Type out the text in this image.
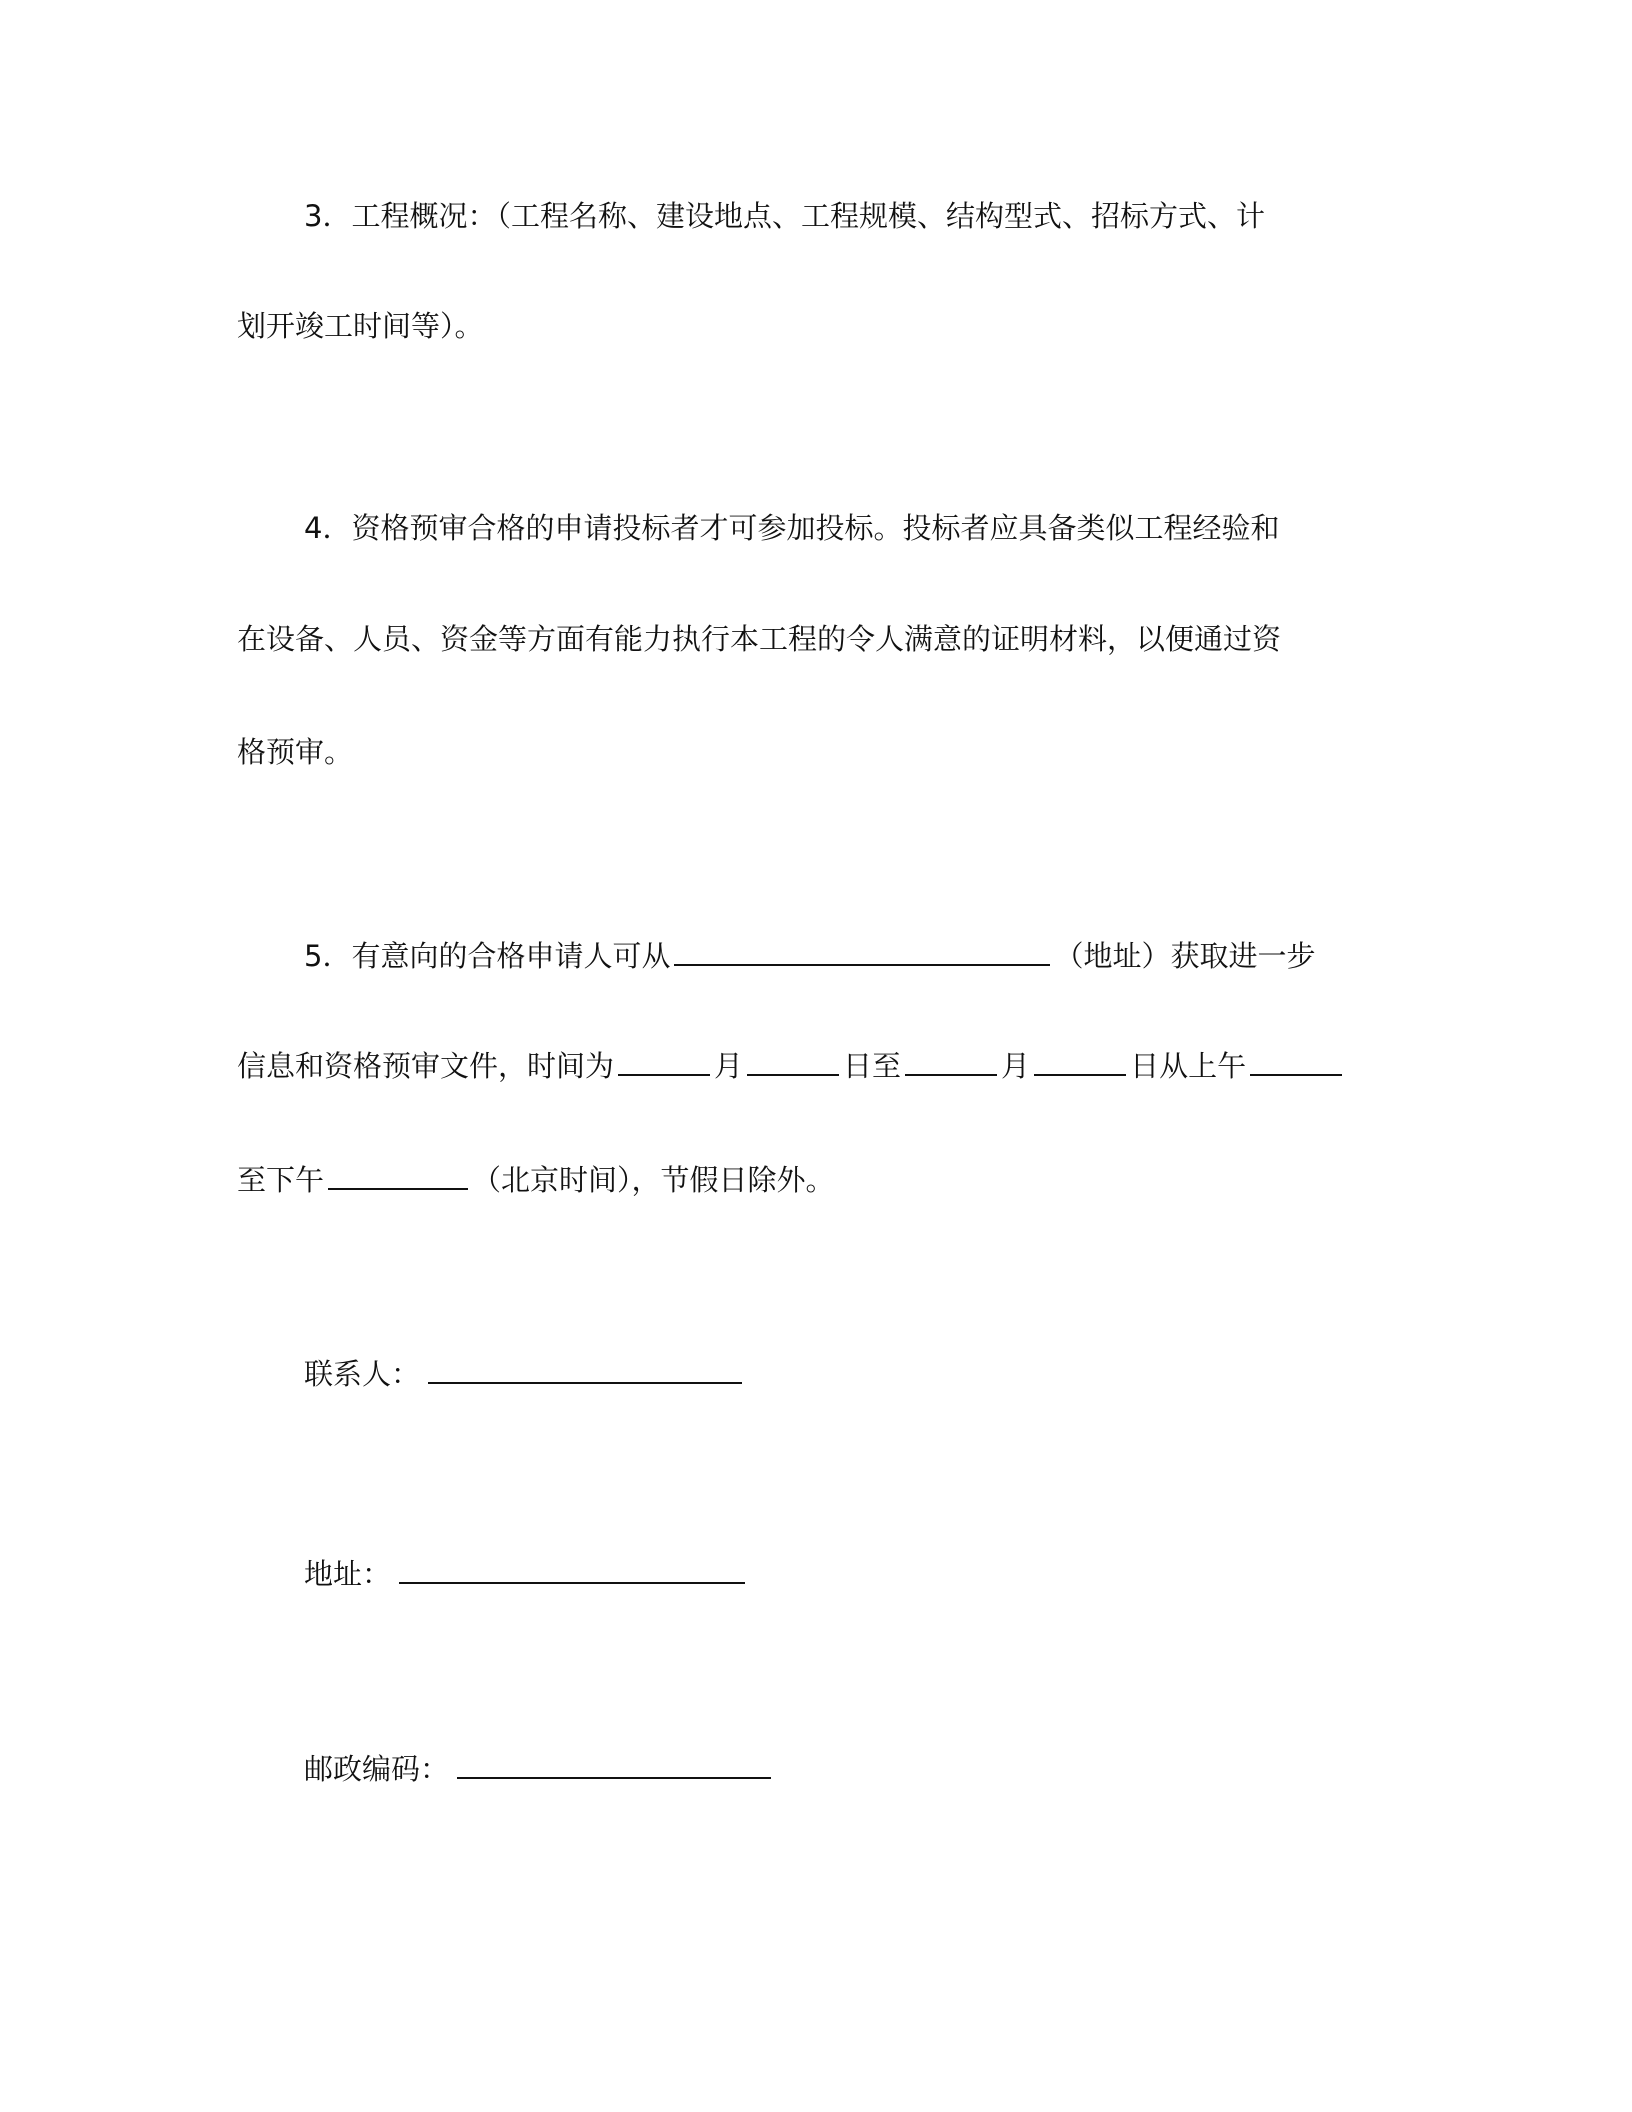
3．工程概况：（工程名称、建设地点、工程规模、结构型式、招标方式、计
划开竣工时间等）。
4．资格预审合格的申请投标者才可参加投标。投标者应具备类似工程经验和
在设备、人员、资金等方面有能力执行本工程的令人满意的证明材料，以便通过资
格预审。
5．有意向的合格申请人可从	（地址）获取进一步
信息和资格预审文件，时间为	月	日至	月	日从上午
至下午	（北京时间），节假日除外。
联系人：
地址：
邮政编码：
